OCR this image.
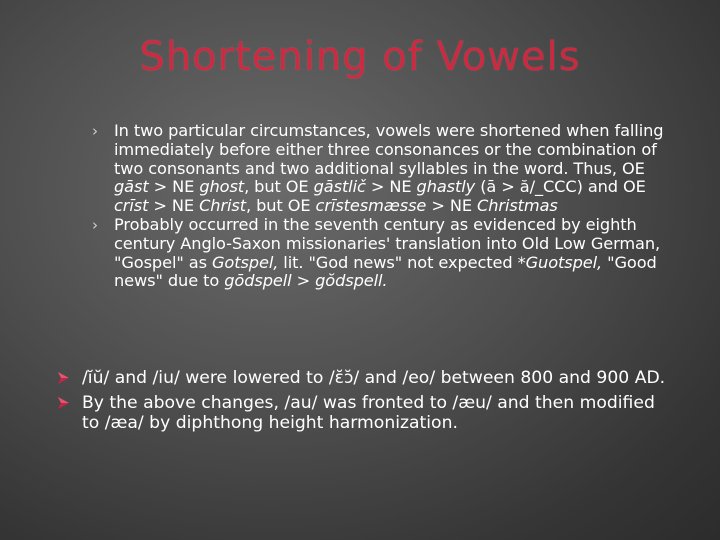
Shortening of Vowels
› In two particular circumstances, vowels were shortened when falling immediately before either three consonances or the combination of two consonants and two additional syllables in the word. Thus, OE gāst > NE ghost, but OE gāstlič > NE ghastly (ā > ă/_CCC) and OE crīst > NE Christ, but OE crīstesmæsse > NE Christmas
› Probably occurred in the seventh century as evidenced by eighth century Anglo-Saxon missionaries' translation into Old Low German, "Gospel" as Gotspel, lit. "God news" not expected *Guotspel, "Good news" due to gōdspell > gŏdspell.
/ĭŭ/ and /iu/ were lowered to /ɛ̆ɔ̆/ and /eo/ between 800 and 900 AD.
By the above changes, /au/ was fronted to /æu/ and then modified to /æa/ by diphthong height harmonization.
